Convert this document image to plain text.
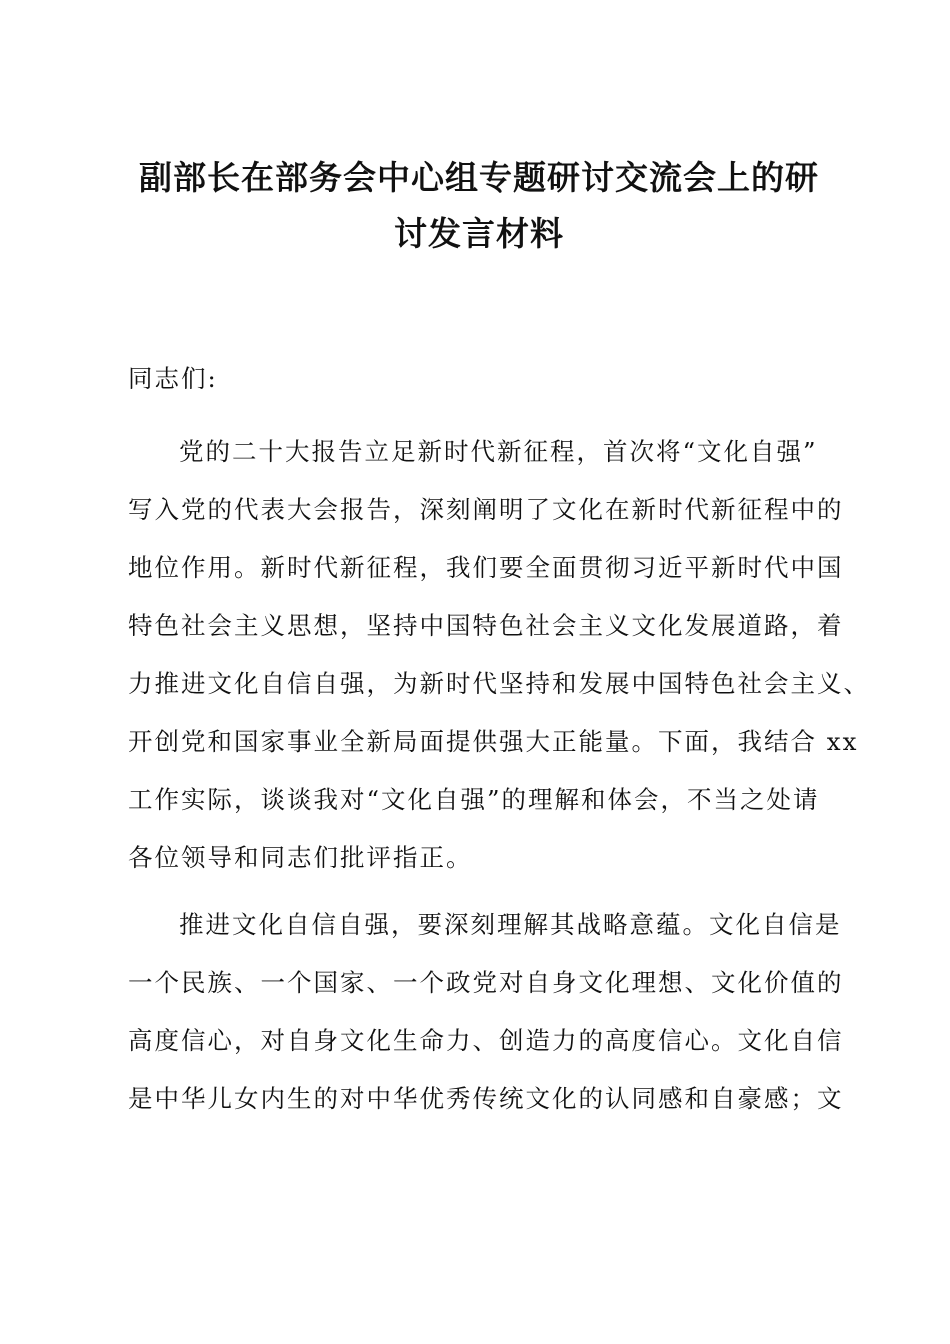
副部长在部务会中心组专题研讨交流会上的研
讨发言材料
同志们:
党的二十大报告立足新时代新征程，首次将“文化自强”
写入党的代表大会报告，深刻阐明了文化在新时代新征程中的
地位作用。新时代新征程，我们要全面贯彻习近平新时代中国
特色社会主义思想，坚持中国特色社会主义文化发展道路，着
力推进文化自信自强，为新时代坚持和发展中国特色社会主义、
开创党和国家事业全新局面提供强大正能量。下面，我结合 xx
工作实际，谈谈我对“文化自强”的理解和体会，不当之处请
各位领导和同志们批评指正。
推进文化自信自强，要深刻理解其战略意蕴。文化自信是
一个民族、一个国家、一个政党对自身文化理想、文化价值的
高度信心，对自身文化生命力、创造力的高度信心。文化自信
是中华儿女内生的对中华优秀传统文化的认同感和自豪感；文
